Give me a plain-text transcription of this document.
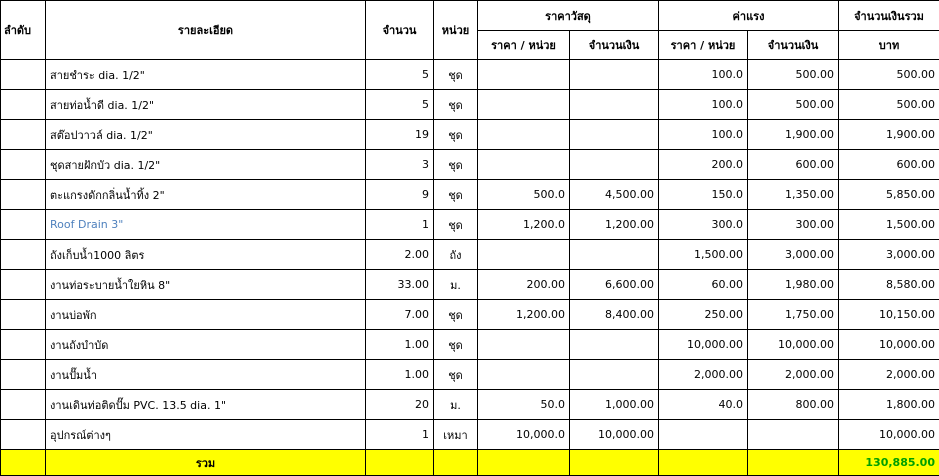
ลำดับ	รายละเอียด	จำนวน	หน่วย	ราคาวัสดุ		ค่าแรง		จำนวนเงินรวม
				ราคา / หน่วย	จำนวนเงิน	ราคา / หน่วย	จำนวนเงิน	บาท
	สายชำระ dia. 1/2"	5	ชุด			100.0	500.00	500.00
	สายท่อน้ำดี dia. 1/2"	5	ชุด			100.0	500.00	500.00
	สต๊อปวาวล์ dia. 1/2"	19	ชุด			100.0	1,900.00	1,900.00
	ชุดสายฝักบัว dia. 1/2"	3	ชุด			200.0	600.00	600.00
	ตะแกรงดักกลิ่นน้ำทิ้ง 2"	9	ชุด	500.0	4,500.00	150.0	1,350.00	5,850.00
	Roof Drain 3"	1	ชุด	1,200.0	1,200.00	300.0	300.00	1,500.00
	ถังเก็บน้ำ1000 ลิตร	2.00	ถัง			1,500.00	3,000.00	3,000.00
	งานท่อระบายน้ำใยหิน 8"	33.00	ม.	200.00	6,600.00	60.00	1,980.00	8,580.00
	งานบ่อพัก	7.00	ชุด	1,200.00	8,400.00	250.00	1,750.00	10,150.00
	งานถังบำบัด	1.00	ชุด			10,000.00	10,000.00	10,000.00
	งานปั๊มน้ำ	1.00	ชุด			2,000.00	2,000.00	2,000.00
	งานเดินท่อติดปั๊ม PVC. 13.5 dia. 1"	20	ม.	50.0	1,000.00	40.0	800.00	1,800.00
	อุปกรณ์ต่างๆ	1	เหมา	10,000.0	10,000.00			10,000.00
	รวม							130,885.00
